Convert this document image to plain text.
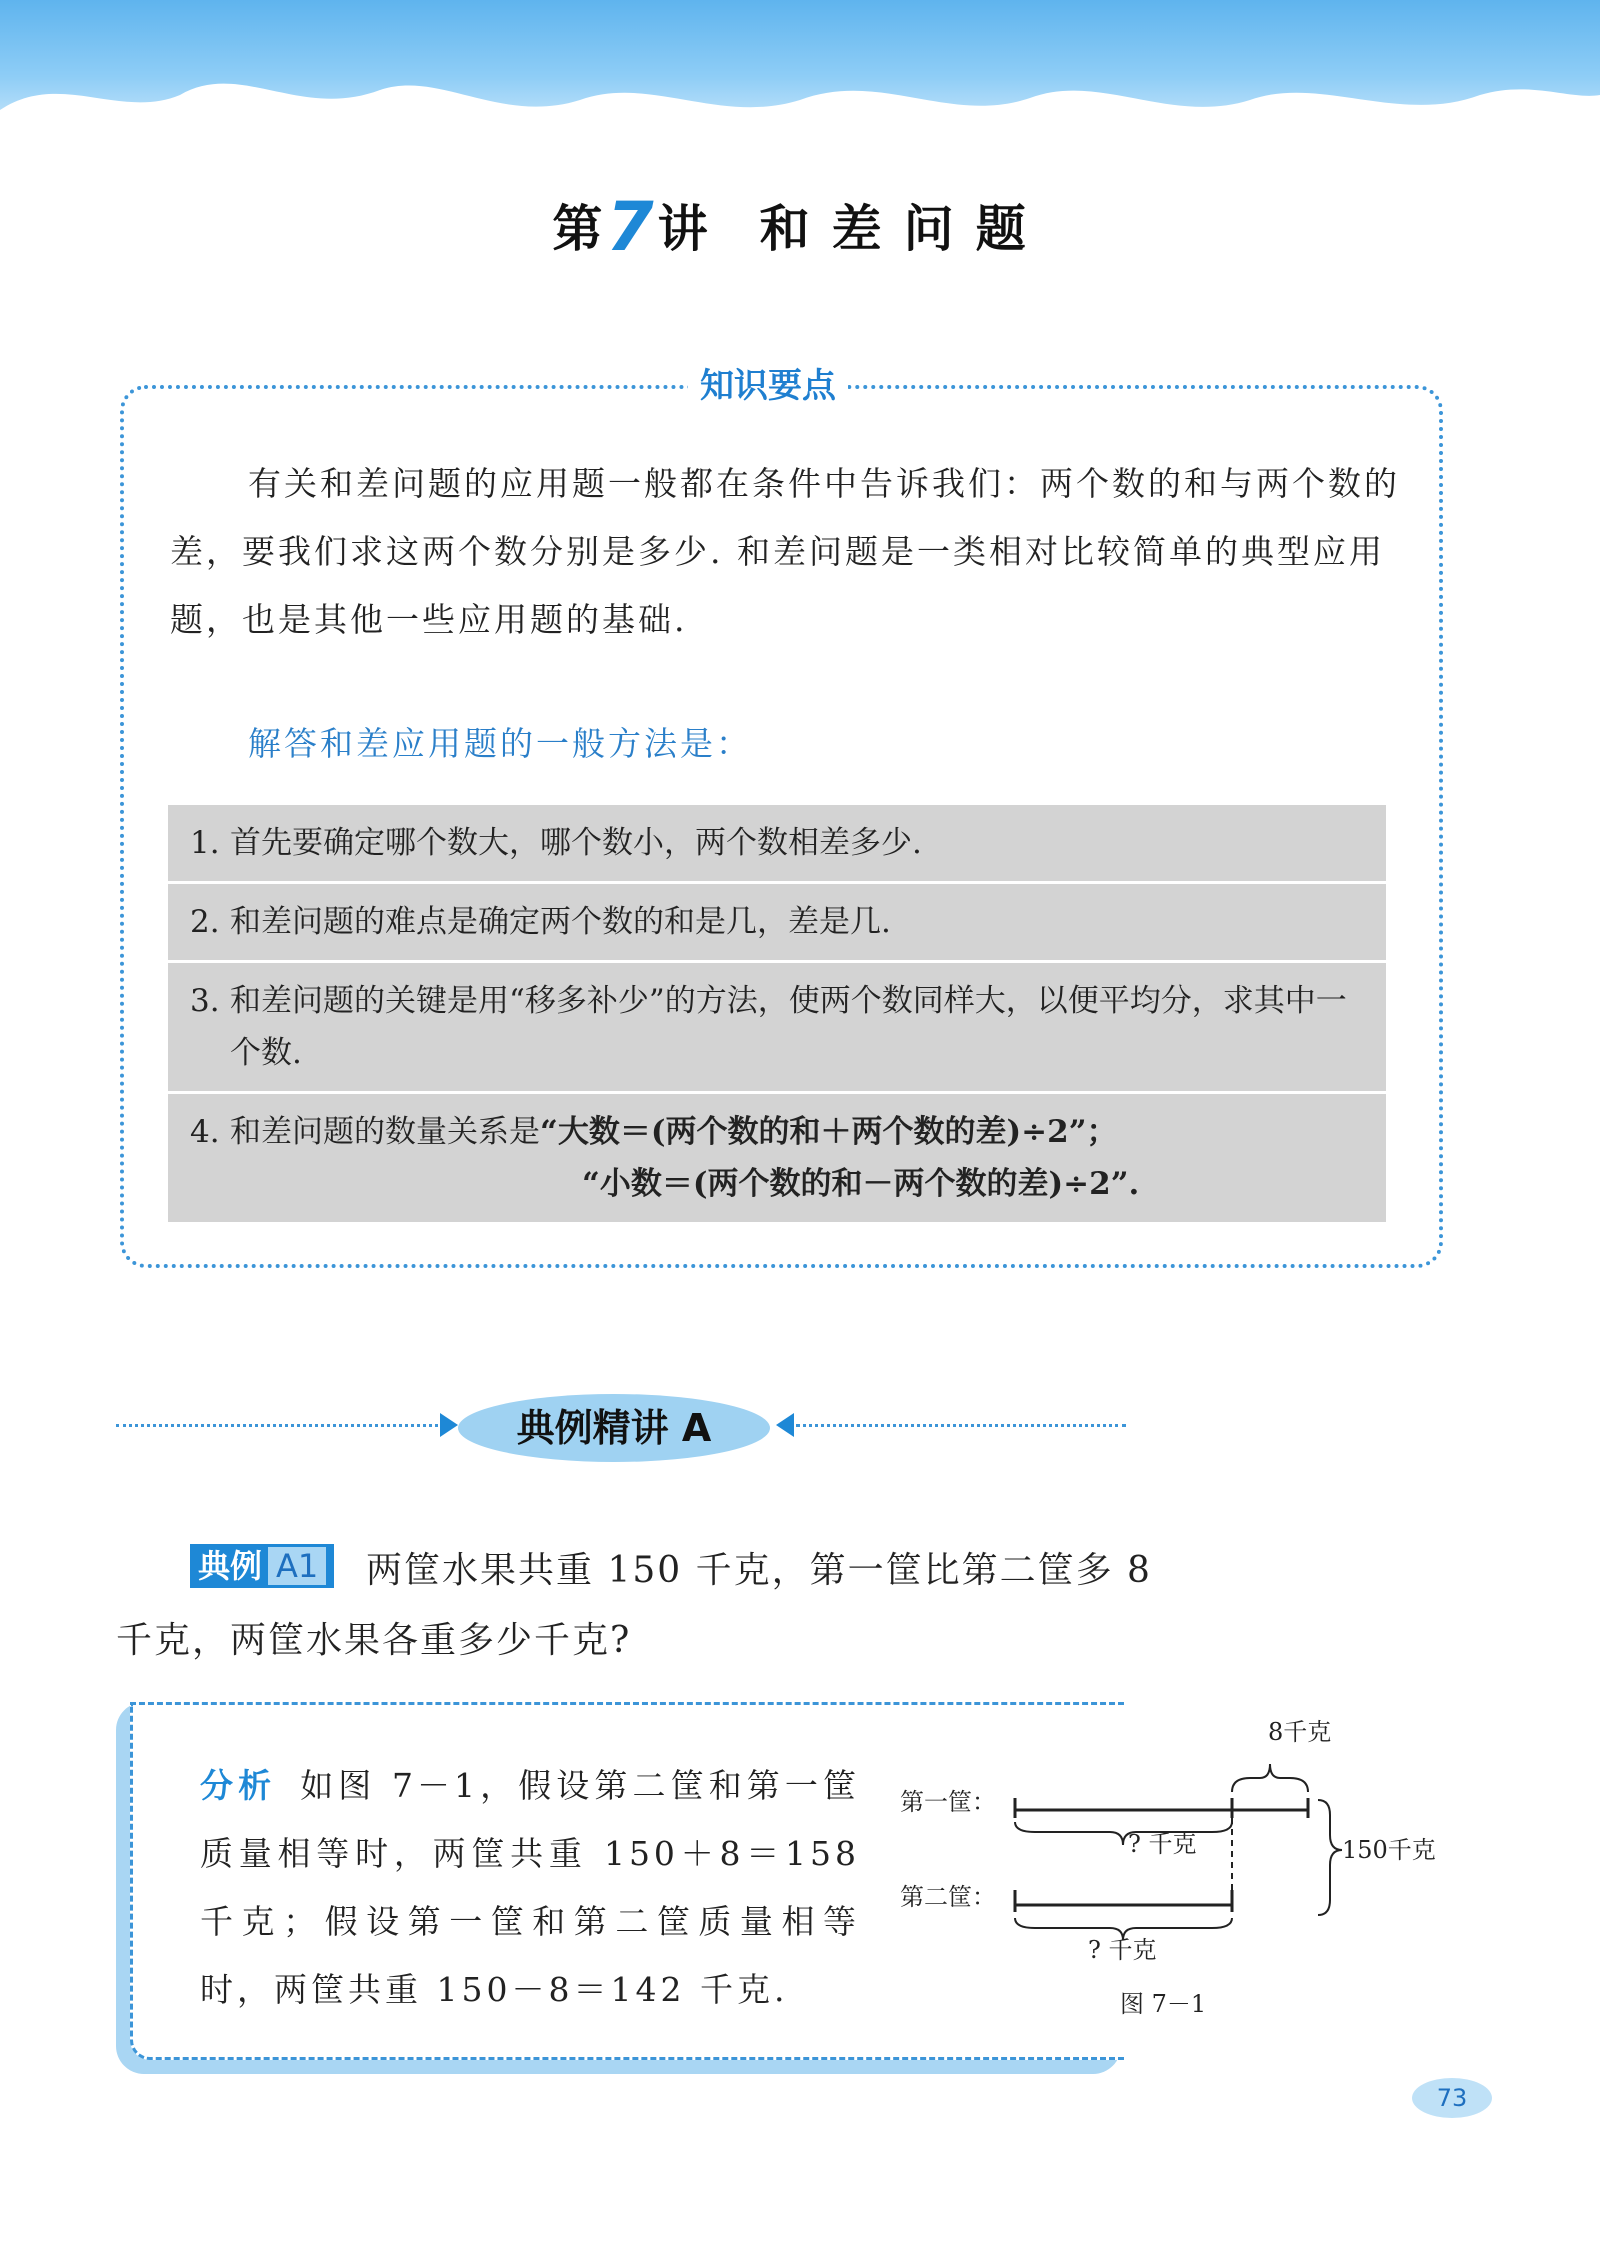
第7讲 和差问题
知识要点
有关和差问题的应用题一般都在条件中告诉我们：两个数的和与两个数的差，要我们求这两个数分别是多少. 和差问题是一类相对比较简单的典型应用题，也是其他一些应用题的基础.
解答和差应用题的一般方法是：
1. 首先要确定哪个数大，哪个数小，两个数相差多少.
2. 和差问题的难点是确定两个数的和是几，差是几.
3. 和差问题的关键是用“移多补少”的方法，使两个数同样大，以便平均分，求其中一个数.
4. 和差问题的数量关系是“大数＝(两个数的和＋两个数的差)÷2”；
“小数＝(两个数的和－两个数的差)÷2”.
典例精讲 A
两筐水果共重 150 千克，第一筐比第二筐多 8 千克，两筐水果各重多少千克?
典例 A1
分析 如图 7－1，假设第二筐和第一筐质量相等时，两筐共重 150＋8＝158 千克；假设第一筐和第二筐质量相等时，两筐共重 150－8＝142 千克.
8千克
第一筐：
第二筐：
? 千克
? 千克
150千克
图 7－1
73
